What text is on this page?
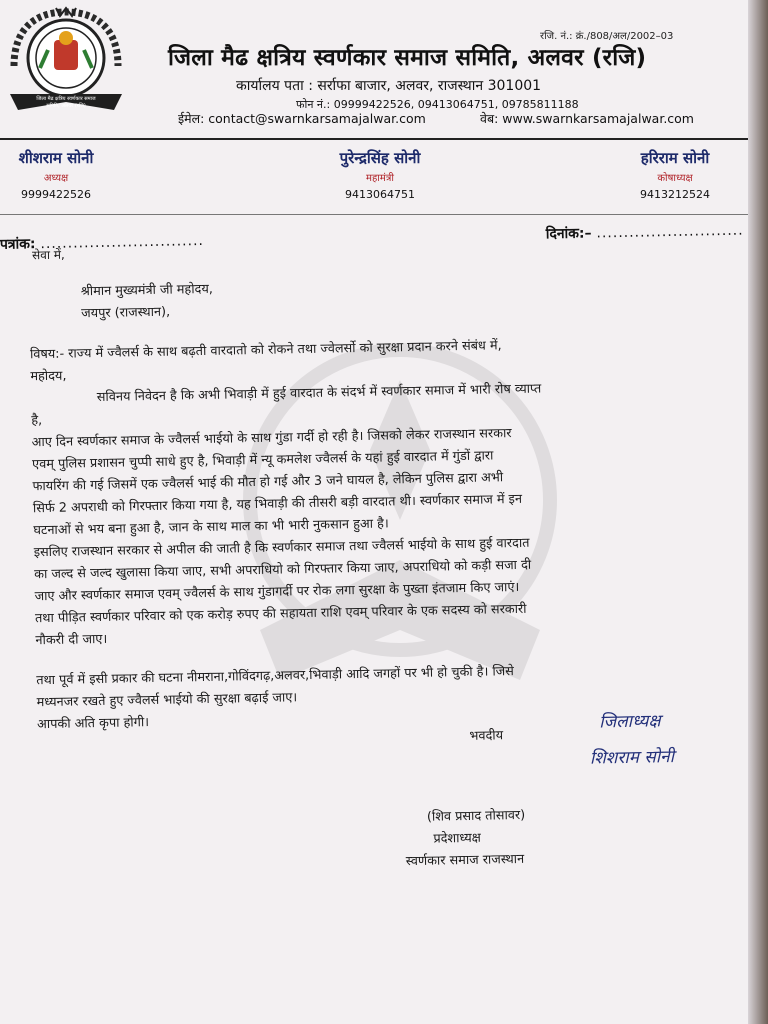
जिला मैढ क्षत्रिय स्वर्णकार समाज
समिति, अलवर (रजि)
रजि. नं.: क्रं./808/अल/2002–03
जिला मैढ क्षत्रिय स्वर्णकार समाज समिति, अलवर (रजि)
कार्यालय पता : सर्राफा बाजार, अलवर, राजस्थान 301001
फोन नं.: 09999422526, 09413064751, 09785811188
ईमेल: contact@swarnkarsamajalwar.com	वेब: www.swarnkarsamajalwar.com
शीशराम सोनी
अध्यक्ष
9999422526
पुरेन्द्रसिंह सोनी
महामंत्री
9413064751
हरिराम सोनी
कोषाध्यक्ष
9413212524
पत्रांक: ..............................
सेवा में,
दिनांक:– ...........................
श्रीमान मुख्यमंत्री जी महोदय,
जयपुर (राजस्थान),
विषय:- राज्य में ज्वैलर्स के साथ बढ़ती वारदातो को रोकने तथा ज्वेलर्सो को सुरक्षा प्रदान करने संबंध में,
महोदय,
सविनय निवेदन है कि अभी भिवाड़ी में हुई वारदात के संदर्भ में स्वर्णकार समाज में भारी रोष व्याप्त
है,
आए दिन स्वर्णकार समाज के ज्वैलर्स भाईयो के साथ गुंडा गर्दी हो रही है। जिसको लेकर राजस्थान सरकार
एवम् पुलिस प्रशासन चुप्पी साधे हुए है, भिवाड़ी में न्यू कमलेश ज्वैलर्स के यहां हुई वारदात में गुंडों द्वारा
फायरिंग की गई जिसमें एक ज्वैलर्स भाई की मौत हो गई और 3 जने घायल है, लेकिन पुलिस द्वारा अभी
सिर्फ 2 अपराधी को गिरफ्तार किया गया है, यह भिवाड़ी की तीसरी बड़ी वारदात थी। स्वर्णकार समाज में इन
घटनाओं से भय बना हुआ है, जान के साथ माल का भी भारी नुकसान हुआ है।
इसलिए राजस्थान सरकार से अपील की जाती है कि स्वर्णकार समाज तथा ज्वैलर्स भाईयो के साथ हुई वारदात
का जल्द से जल्द खुलासा किया जाए, सभी अपराधियो को गिरफ्तार किया जाए, अपराधियो को कड़ी सजा दी
जाए और स्वर्णकार समाज एवम् ज्वैलर्स के साथ गुंडागर्दी पर रोक लगा सुरक्षा के पुख्ता इंतजाम किए जाएं।
तथा पीड़ित स्वर्णकार परिवार को एक करोड़ रुपए की सहायता राशि एवम् परिवार के एक सदस्य को सरकारी
नौकरी दी जाए।
तथा पूर्व में इसी प्रकार की घटना नीमराना,गोविंदगढ़,अलवर,भिवाड़ी आदि जगहों पर भी हो चुकी है। जिसे
मध्यनजर रखते हुए ज्वैलर्स भाईयो की सुरक्षा बढ़ाई जाए।
आपकी अति कृपा होगी।
भवदीय
जिलाध्यक्ष
शिशराम सोनी
(शिव प्रसाद तोसावर)
प्रदेशाध्यक्ष
स्वर्णकार समाज राजस्थान
